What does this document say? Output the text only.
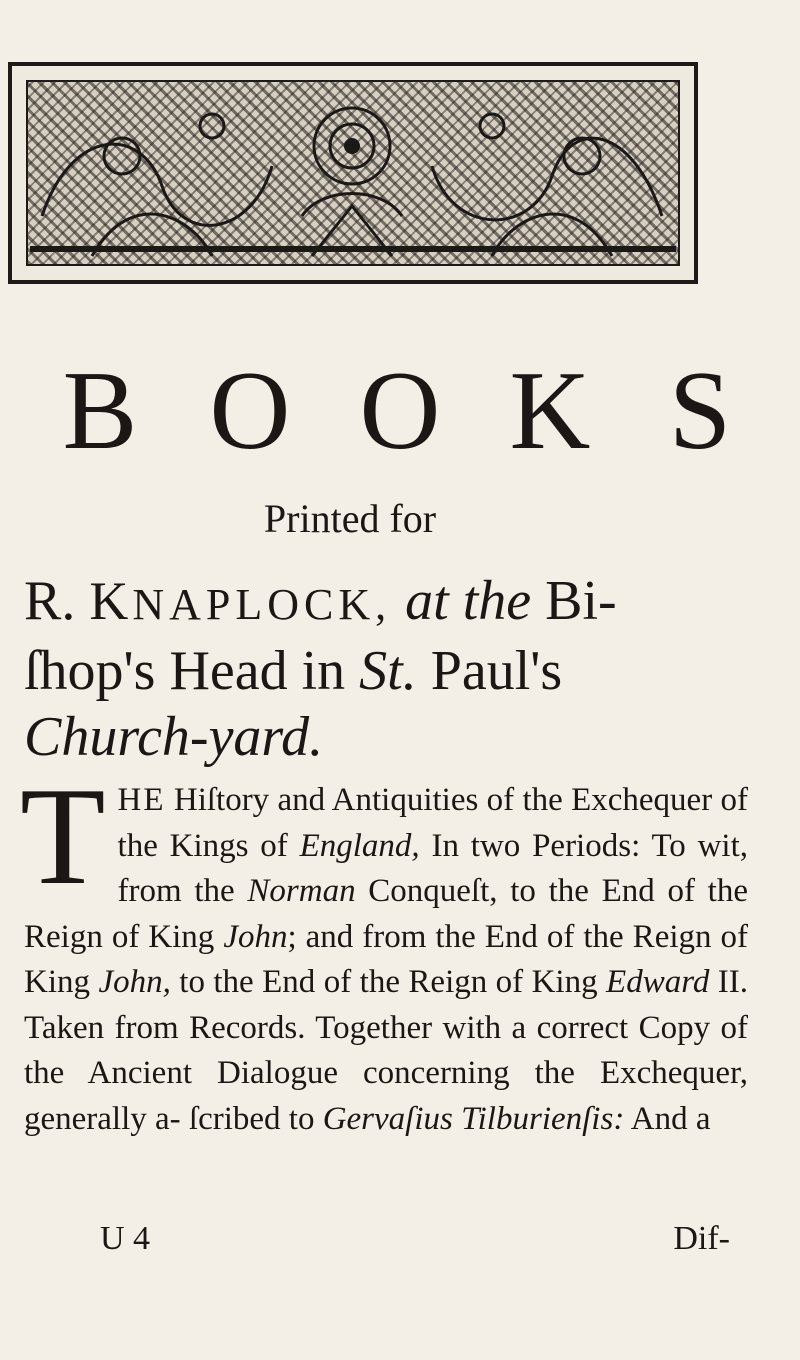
B O O K S
Printed for
R. KNAPLOCK, at the Bi-
ſhop's Head in St. Paul's
Church-yard.
T HE Hiſtory and Antiquities of the Exchequer of the Kings of England, In two Periods: To wit, from the Norman Conqueſt, to the End of the Reign of King John; and from the End of the Reign of King John, to the End of the Reign of King Edward II. Taken from Records. Together with a correct Copy of the Ancient Dialogue concerning the Exchequer, generally a- ſcribed to Gervaſius Tilburienſis: And a
U 4	Dif-
